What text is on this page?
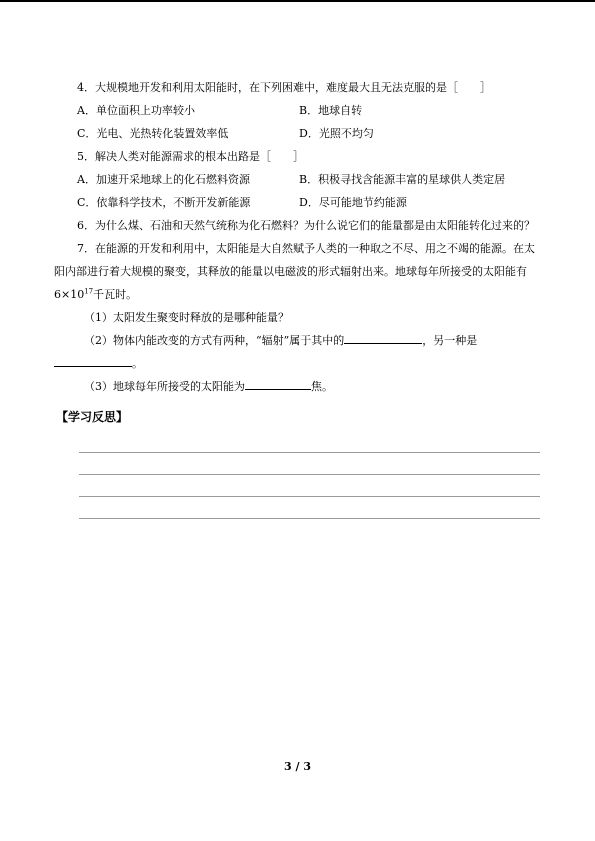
4．大规模地开发和利用太阳能时，在下列困难中，难度最大且无法克服的是［　　］
A．单位面积上功率较小	B．地球自转
C．光电、光热转化装置效率低	D．光照不均匀
5．解决人类对能源需求的根本出路是［　　］
A．加速开采地球上的化石燃料资源	B．积极寻找含能源丰富的星球供人类定居
C．依靠科学技术，不断开发新能源	D．尽可能地节约能源
6．为什么煤、石油和天然气统称为化石燃料？为什么说它们的能量都是由太阳能转化过来的？
7．在能源的开发和利用中，太阳能是大自然赋予人类的一种取之不尽、用之不竭的能源。在太阳内部进行着大规模的聚变，其释放的能量以电磁波的形式辐射出来。地球每年所接受的太阳能有$6\times 10^{17}$千瓦时。
（1）太阳发生聚变时释放的是哪种能量？
（2）物体内能改变的方式有两种，“辐射”属于其中的	，另一种是
。
（3）地球每年所接受的太阳能为	焦。
【学习反思】
3 / 3
